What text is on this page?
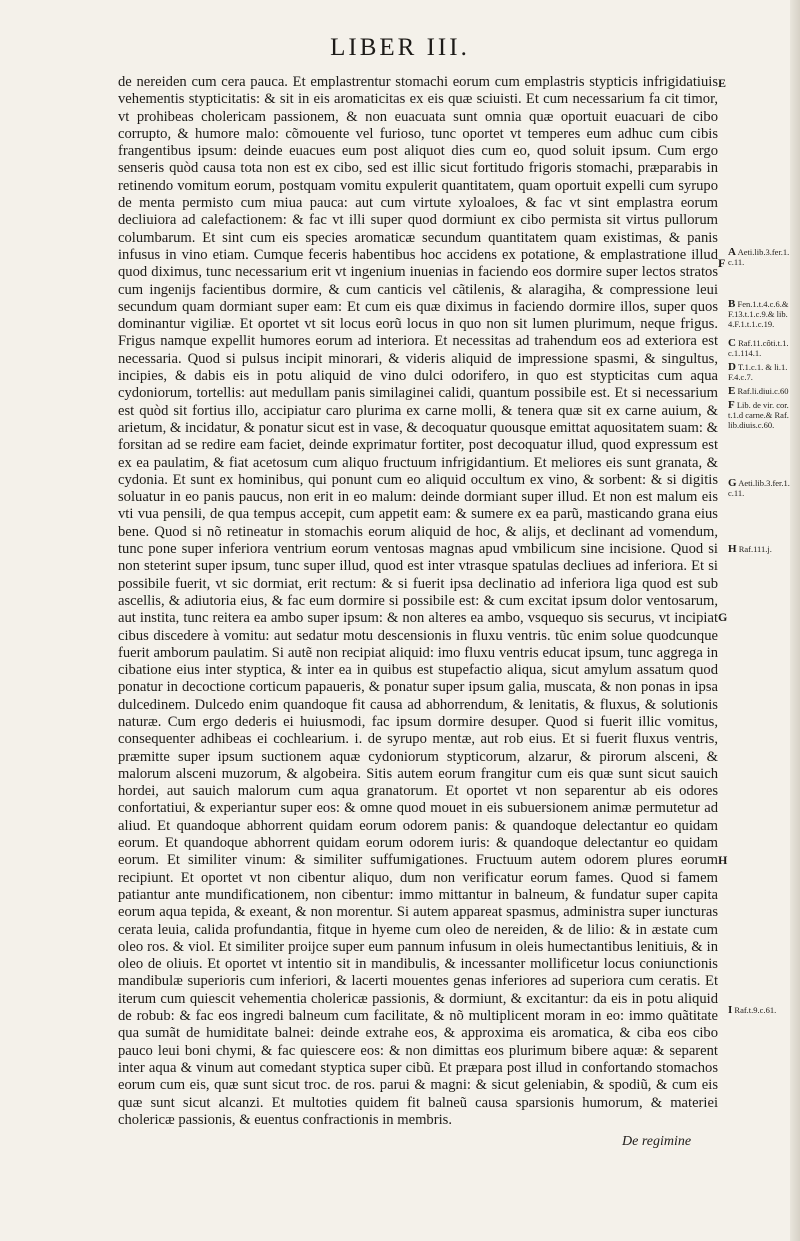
LIBER III.

de nereiden cum cera pauca. Et emplastrentur stomachi eorum cum emplastris stypticis infrigidatiuis vehementis stypticitatis: & sit in eis aromaticitas ex eis quæ sciuisti. Et cum necessarium fa cit timor, vt prohibeas cholericam passionem, & non euacuata sunt omnia quæ oportuit euacuari de cibo corrupto, & humore malo: cõmouente vel furioso, tunc oportet vt temperes eum adhuc cum cibis frangentibus ipsum: deinde euacues eum post aliquot dies cum eo, quod soluit ipsum. Cum ergo senseris quòd causa tota non est ex cibo, sed est illic sicut fortitudo frigoris stomachi, præparabis in retinendo vomitum eorum, postquam vomitu expulerit quantitatem, quam oportuit expelli cum syrupo de menta permisto cum miua pauca: aut cum virtute xyloaloes, & fac vt sint emplastra eorum decliuiora ad calefactionem: & fac vt illi super quod dormiunt ex cibo permista sit virtus pullorum columbarum. Et sint cum eis species aromaticæ secundum quantitatem quam existimas, & panis infusus in vino etiam. Cumque feceris habentibus hoc accidens ex potatione, & emplastratione illud quod diximus, tunc necessarium erit vt ingenium inuenias in faciendo eos dormire super lectos stratos cum ingenijs facientibus dormire, & cum canticis vel cãtilenis, & alaragiha, & compressione leui secundum quam dormiant super eam: Et cum eis quæ diximus in faciendo dormire illos, super quos dominantur vigiliæ. Et oportet vt sit locus eorũ locus in quo non sit lumen plurimum, neque frigus. Frigus namque expellit humores eorum ad interiora. Et necessitas ad trahendum eos ad exteriora est necessaria. Quod si pulsus incipit minorari, & videris aliquid de impressione spasmi, & singultus, incipies, & dabis eis in potu aliquid de vino dulci odorifero, in quo est stypticitas cum aqua cydoniorum, tortellis: aut medullam panis similaginei calidi, quantum possibile est. Et si necessarium est quòd sit fortius illo, accipiatur caro plurima ex carne molli, & tenera quæ sit ex carne auium, & arietum, & incidatur, & ponatur sicut est in vase, & decoquatur quousque emittat aquositatem suam: & forsitan ad se redire eam faciet, deinde exprimatur fortiter, post decoquatur illud, quod expressum est ex ea paulatim, & fiat acetosum cum aliquo fructuum infrigidantium. Et meliores eis sunt granata, & cydonia. Et sunt ex hominibus, qui ponunt cum eo aliquid occultum ex vino, & sorbent: & si digitis soluatur in eo panis paucus, non erit in eo malum: deinde dormiant super illud. Et non est malum eis vti vua pensili, de qua tempus accepit, cum appetit eam: & sumere ex ea parũ, masticando grana eius bene. Quod si nõ retineatur in stomachis eorum aliquid de hoc, & alijs, et declinant ad vomendum, tunc pone super inferiora ventrium eorum ventosas magnas apud vmbilicum sine incisione. Quod si non steterint super ipsum, tunc super illud, quod est inter vtrasque spatulas decliues ad inferiora. Et si possibile fuerit, vt sic dormiat, erit rectum: & si fuerit ipsa declinatio ad inferiora liga quod est sub ascellis, & adiutoria eius, & fac eum dormire si possibile est: & cum excitat ipsum dolor ventosarum, aut instita, tunc reitera ea ambo super ipsum: & non alteres ea ambo, vsquequo sis securus, vt incipiat cibus discedere à vomitu: aut sedatur motu descensionis in fluxu ventris. tũc enim solue quodcunque fuerit amborum paulatim. Si autẽ non recipiat aliquid: imo fluxu ventris educat ipsum, tunc aggrega in cibatione eius inter styptica, & inter ea in quibus est stupefactio aliqua, sicut amylum assatum quod ponatur in decoctione corticum papaueris, & ponatur super ipsum galia, muscata, & non ponas in ipsa dulcedinem. Dulcedo enim quandoque fit causa ad abhorrendum, & lenitatis, & fluxus, & solutionis naturæ. Cum ergo dederis ei huiusmodi, fac ipsum dormire desuper. Quod si fuerit illic vomitus, consequenter adhibeas ei cochlearium. i. de syrupo mentæ, aut rob eius. Et si fuerit fluxus ventris, præmitte super ipsum suctionem aquæ cydoniorum stypticorum, alzarur, & pirorum alsceni, & malorum alsceni muzorum, & algobeira. Sitis autem eorum frangitur cum eis quæ sunt sicut sauich hordei, aut sauich malorum cum aqua granatorum. Et oportet vt non separentur ab eis odores confortatiui, & experiantur super eos: & omne quod mouet in eis subuersionem animæ permutetur ad aliud. Et quandoque abhorrent quidam eorum odorem panis: & quandoque delectantur eo quidam eorum. Et quandoque abhorrent quidam eorum odorem iuris: & quandoque delectantur eo quidam eorum. Et similiter vinum: & similiter suffumigationes. Fructuum autem odorem plures eorum recipiunt. Et oportet vt non cibentur aliquo, dum non verificatur eorum fames. Quod si famem patiantur ante mundificationem, non cibentur: immo mittantur in balneum, & fundatur super capita eorum aqua tepida, & exeant, & non morentur. Si autem appareat spasmus, administra super iuncturas cerata leuia, calida profundantia, fitque in hyeme cum oleo de nereiden, & de lilio: & in æstate cum oleo ros. & viol. Et similiter proijce super eum pannum infusum in oleis humectantibus lenitiuis, & in oleo de oliuis. Et oportet vt intentio sit in mandibulis, & incessanter mollificetur locus coniunctionis mandibulæ superioris cum inferiori, & lacerti mouentes genas inferiores ad superiora cum ceratis. Et iterum cum quiescit vehementia cholericæ passionis, & dormiunt, & excitantur: da eis in potu aliquid de robub: & fac eos ingredi balneum cum facilitate, & nõ multiplicent moram in eo: immo quãtitate qua sumãt de humiditate balnei: deinde extrahe eos, & approxima eis aromatica, & ciba eos cibo pauco leui boni chymi, & fac quiescere eos: & non dimittas eos plurimum bibere aquæ: & separent inter aqua & vinum aut comedant styptica super cibũ. Et præpara post illud in confortando stomachos eorum cum eis, quæ sunt sicut troc. de ros. parui & magni: & sicut geleniabin, & spodiũ, & cum eis quæ sunt sicut alcanzi. Et multoties quidem fit balneũ causa sparsionis humorum, & materiei cholericæ passionis, & euentus confractionis in membris.

De regimine
A Aeti.lib.3.fer.1.
c.11.
B Fen.1.t.4.c.6.&
F.13.t.1.c.9.& lib.
4.F.1.t.1.c.19.
C Raf.11.côti.t.1.
c.1.114.1.
D T.1.c.1. & li.1.
F.4.c.7.
E Raf.li.diui.c.60
F Lib. de vir. cor.
t.1.d carne.& Raf.
lib.diuis.c.60.
G Aeti.lib.3.fer.1.
c.11.
H Raf.111.j.
I Raf.t.9.c.61.
E
F
G
H
